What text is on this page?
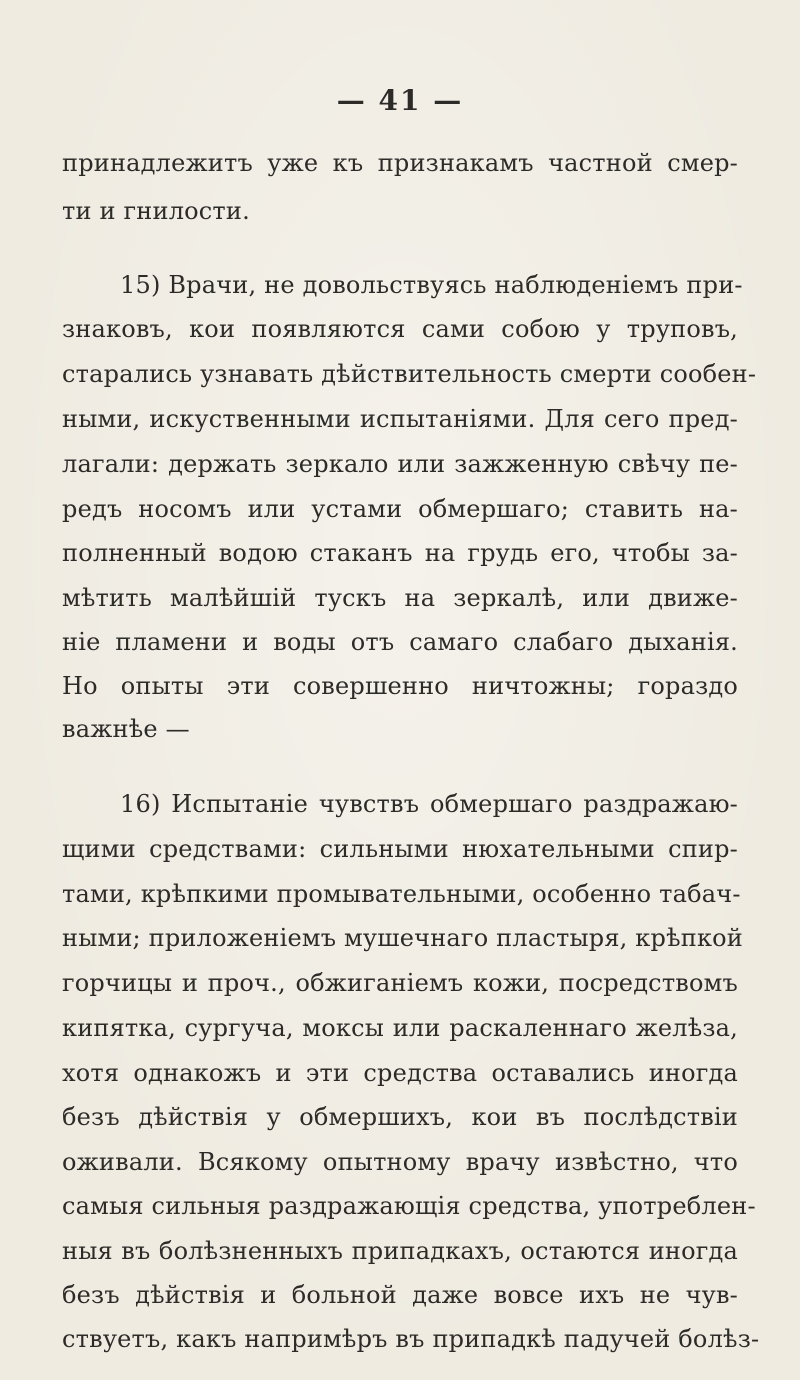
— 41 —
принадлежитъ уже къ признакамъ частной смер-
ти и гнилости.
15) Врачи, не довольствуясь наблюденіемъ при-
знаковъ, кои появляются сами собою у труповъ,
старались узнавать дѣйствительность смерти сообен-
ными, искуственными испытаніями. Для сего пред-
лагали: держать зеркало или зажженную свѣчу пе-
редъ носомъ или устами обмершаго; ставить на-
полненный водою стаканъ на грудь его, чтобы за-
мѣтить малѣйшій тускъ на зеркалѣ, или движе-
ніе пламени и воды отъ самаго слабаго дыханія.
Но опыты эти совершенно ничтожны; гораздо
важнѣе —
16) Испытаніе чувствъ обмершаго раздражаю-
щими средствами: сильными нюхательными спир-
тами, крѣпкими промывательными, особенно табач-
ными; приложеніемъ мушечнаго пластыря, крѣпкой
горчицы и проч., обжиганіемъ кожи, посредствомъ
кипятка, сургуча, моксы или раскаленнаго желѣза,
хотя однакожъ и эти средства оставались иногда
безъ дѣйствія у обмершихъ, кои въ послѣдствіи
оживали. Всякому опытному врачу извѣстно, что
самыя сильныя раздражающія средства, употреблен-
ныя въ болѣзненныхъ припадкахъ, остаются иногда
безъ дѣйствія и больной даже вовсе ихъ не чув-
ствуетъ, какъ напримѣръ въ припадкѣ падучей болѣз-
